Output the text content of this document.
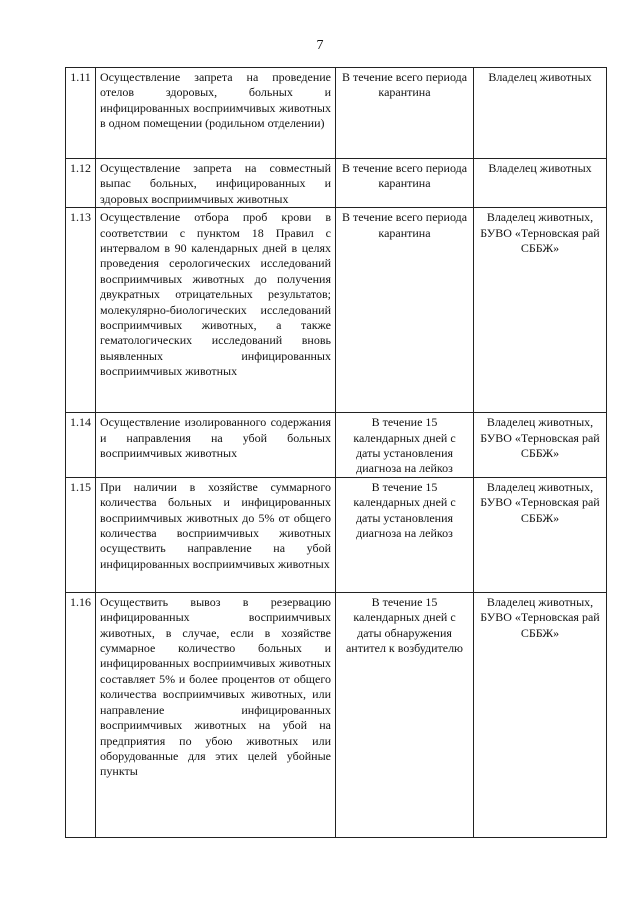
7
1.11	Осуществление запрета на проведение отелов здоровых, больных и инфицированных восприимчивых животных в одном помещении (родильном отделении)	В течение всего периода карантина	Владелец животных
1.12	Осуществление запрета на совместный выпас больных, инфицированных и здоровых восприимчивых животных	В течение всего периода карантина	Владелец животных
1.13	Осуществление отбора проб крови в соответствии с пунктом 18 Правил с интервалом в 90 календарных дней в целях проведения серологических исследований восприимчивых животных до получения двукратных отрицательных результатов; молекулярно-биологических исследований восприимчивых животных, а также гематологических исследований вновь выявленных инфицированных восприимчивых животных	В течение всего периода карантина	Владелец животных, БУВО «Терновская рай СББЖ»
1.14	Осуществление изолированного содержания и направления на убой больных восприимчивых животных	В течение 15 календарных дней с даты установления диагноза на лейкоз	Владелец животных, БУВО «Терновская рай СББЖ»
1.15	При наличии в хозяйстве суммарного количества больных и инфицированных восприимчивых животных до 5% от общего количества восприимчивых животных осуществить направление на убой инфицированных восприимчивых животных	В течение 15 календарных дней с даты установления диагноза на лейкоз	Владелец животных, БУВО «Терновская рай СББЖ»
1.16	Осуществить вывоз в резервацию инфицированных восприимчивых животных, в случае, если в хозяйстве суммарное количество больных и инфицированных восприимчивых животных составляет 5% и более процентов от общего количества восприимчивых животных, или направление инфицированных восприимчивых животных на убой на предприятия по убою животных или оборудованные для этих целей убойные пункты	В течение 15 календарных дней с даты обнаружения антител к возбудителю	Владелец животных, БУВО «Терновская рай СББЖ»
